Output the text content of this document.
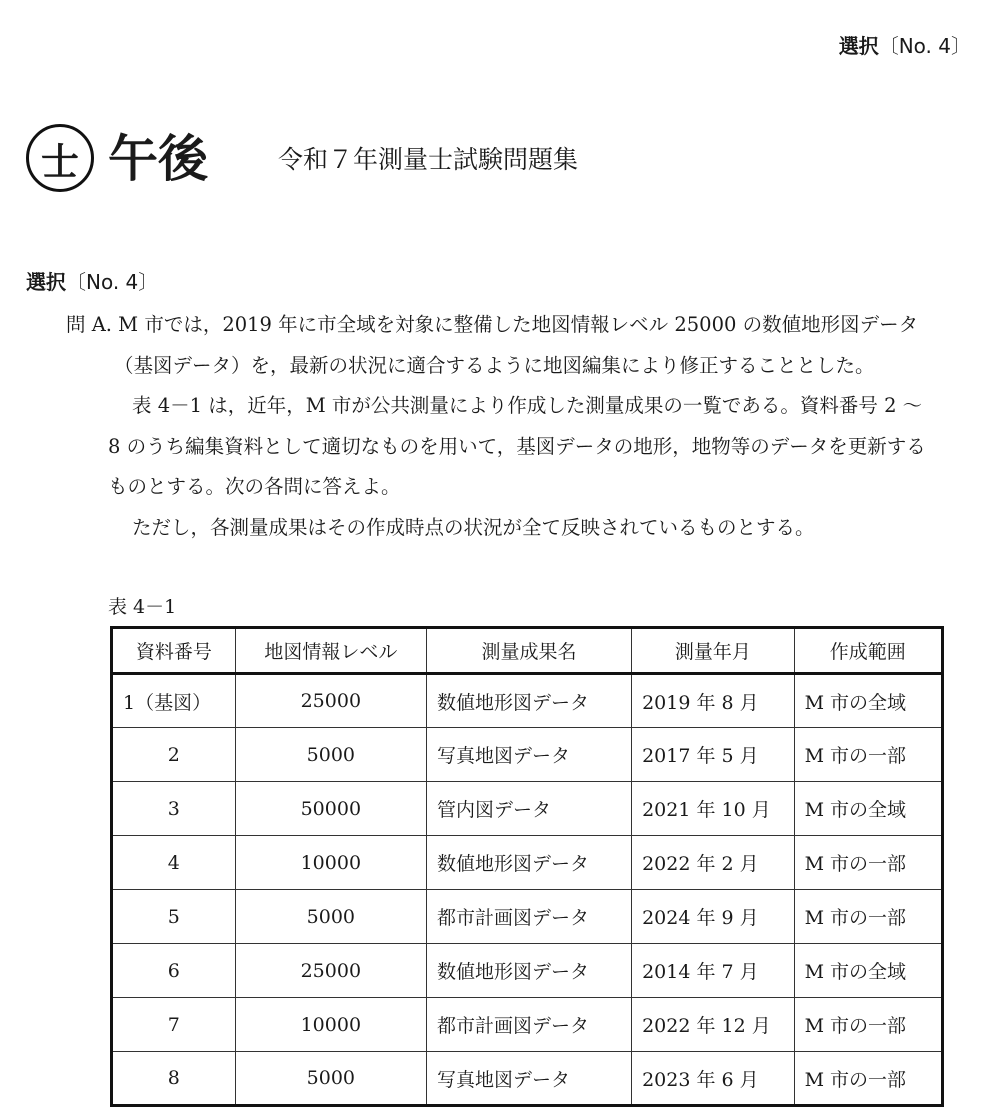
選択〔No. 4〕
士 午後	令和７年測量士試験問題集
選択〔No. 4〕
問 A. M 市では，2019 年に市全域を対象に整備した地図情報レベル 25000 の数値地形図データ
（基図データ）を，最新の状況に適合するように地図編集により修正することとした。
表 4－1 は，近年，M 市が公共測量により作成した測量成果の一覧である。資料番号 2 〜
8 のうち編集資料として適切なものを用いて，基図データの地形，地物等のデータを更新する
ものとする。次の各問に答えよ。
ただし，各測量成果はその作成時点の状況が全て反映されているものとする。
表 4－1
資料番号	地図情報レベル	測量成果名	測量年月	作成範囲
1（基図）	25000	数値地形図データ	2019 年 8 月	M 市の全域
2	5000	写真地図データ	2017 年 5 月	M 市の一部
3	50000	管内図データ	2021 年 10 月	M 市の全域
4	10000	数値地形図データ	2022 年 2 月	M 市の一部
5	5000	都市計画図データ	2024 年 9 月	M 市の一部
6	25000	数値地形図データ	2014 年 7 月	M 市の全域
7	10000	都市計画図データ	2022 年 12 月	M 市の一部
8	5000	写真地図データ	2023 年 6 月	M 市の一部
